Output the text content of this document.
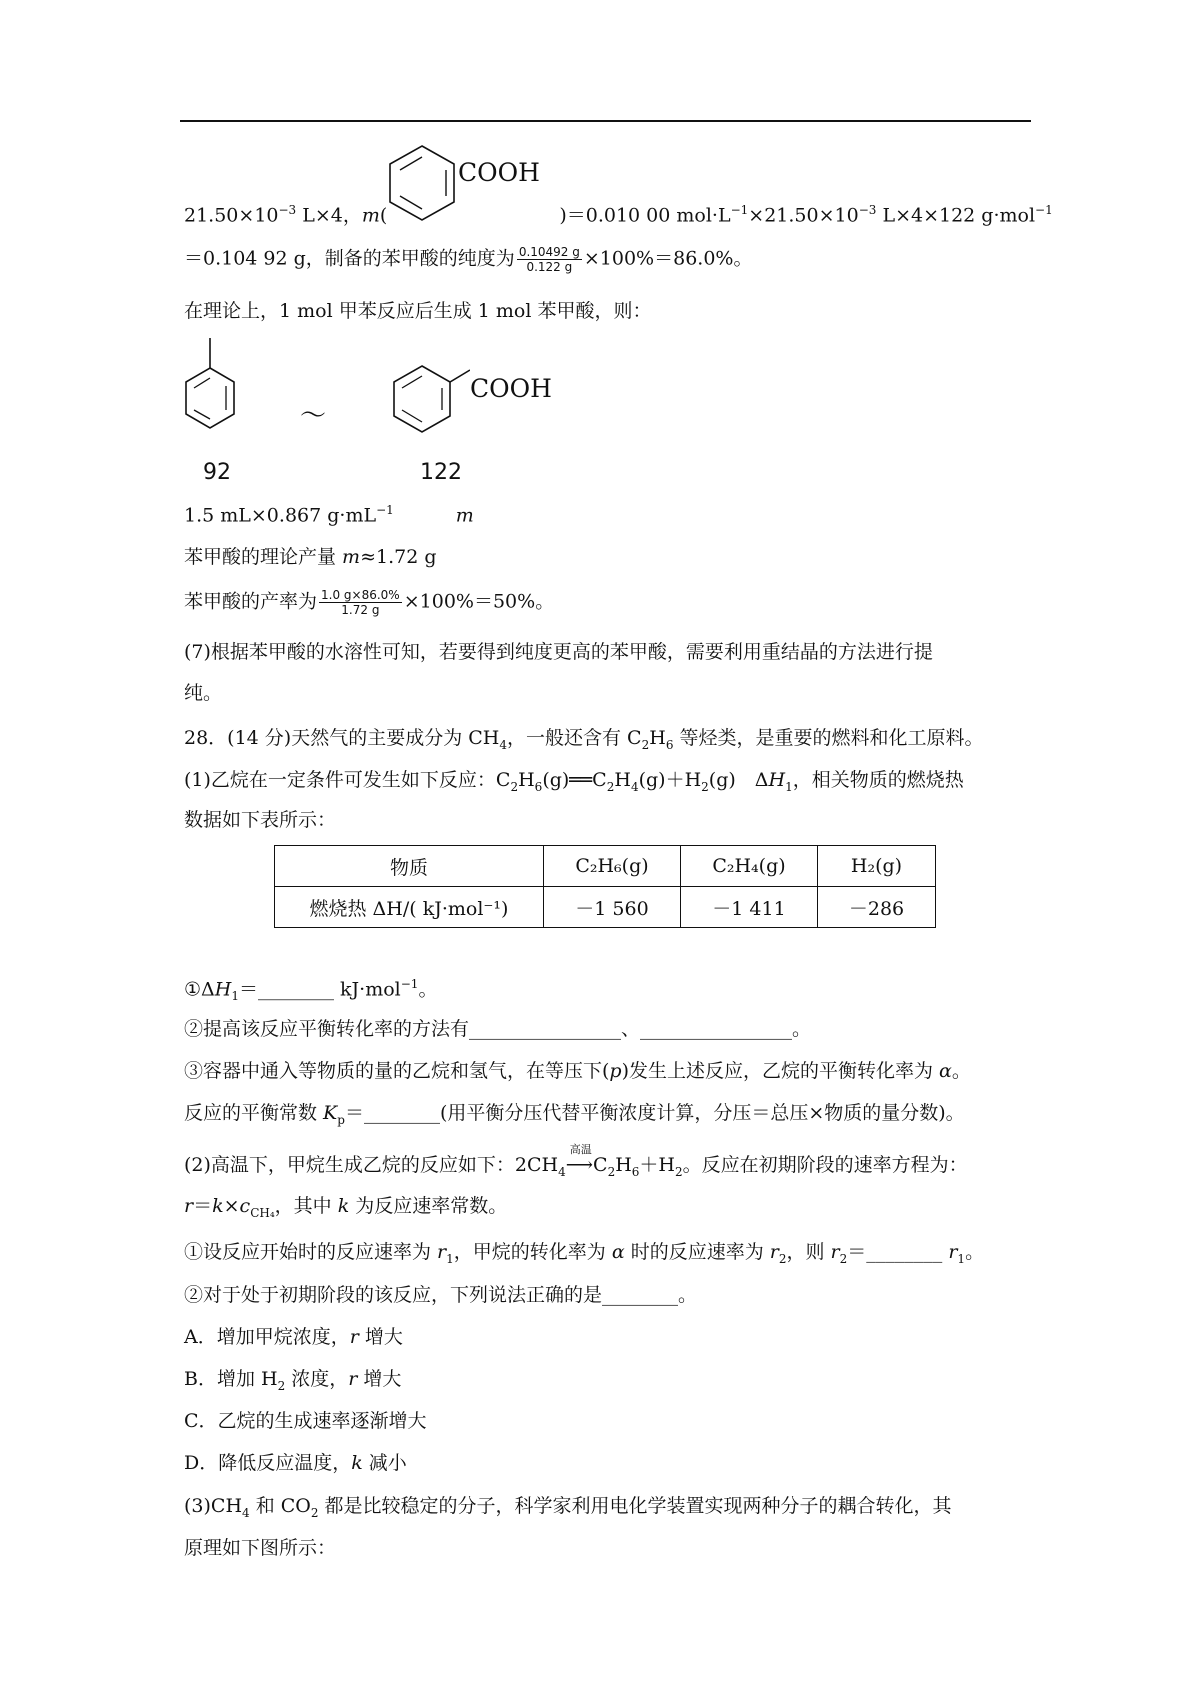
COOH
$21.50\times 10^{-3}$ L×4，m(	)＝0.010 00 $mol\cdot L^{-1}\times 21.50\times 10^{-3}$ L×4×122 g·mol$^{-1}$
＝0.104 92 g，制备的苯甲酸的纯度为 $\frac{0.10492 g}{0.122 g} \times 100\%=86.0\%$。
在理论上，1 mol 甲苯反应后生成 1 mol 苯甲酸，则：
～
COOH
92	122
1.5 mL×0.867 $g\cdot mL^{-1}$	m
苯甲酸的理论产量 m≈1.72 g
苯甲酸的产率为 $\frac{1.0 g\times 86.0\%}{1.72 g} \times 100\%=50\%$。
(7)根据苯甲酸的水溶性可知，若要得到纯度更高的苯甲酸，需要利用重结晶的方法进行提
纯。
28．(14 分)天然气的主要成分为 $CH_4$，一般还含有 $C_2H_6$ 等烃类，是重要的燃料和化工原料。
(1)乙烷在一定条件可发生如下反应：$C_2H_6(g)══C_2H_4(g)+H_2(g)$　$\Delta H_1$，相关物质的燃烧热
数据如下表所示：
物质	C₂H₆(g)	C₂H₄(g)	H₂(g)
燃烧热 ΔH/( kJ·mol⁻¹)	－1 560	－1 411	－286
$①\Delta H_1=\_\_\_\_\_\_\_\_$ kJ·mol$^{-1}$。
②提高该反应平衡转化率的方法有________________、________________。
③容器中通入等物质的量的乙烷和氢气，在等压下(p)发生上述反应，乙烷的平衡转化率为 α。
反应的平衡常数 $K_p=\_\_\_\_\_\_\_\_$(用平衡分压代替平衡浓度计算，分压＝总压×物质的量分数)。
(2)高温下，甲烷生成乙烷的反应如下：$2CH_4$
高温
$⟶C_2H_6+H_2$。反应在初期阶段的速率方程为：
$r=k\times c_{CH_4}$，其中 k 为反应速率常数。
①设反应开始时的反应速率为 $r_1$，甲烷的转化率为 α 时的反应速率为 $r_2$，则 $r_2=\_\_\_\_\_\_\_\_$ $r_1$。
②对于处于初期阶段的该反应，下列说法正确的是________。
A．增加甲烷浓度，r 增大
B．增加 $H_2$ 浓度，r 增大
C．乙烷的生成速率逐渐增大
D．降低反应温度，k 减小
$(3)CH_4$ 和 $CO_2$ 都是比较稳定的分子，科学家利用电化学装置实现两种分子的耦合转化，其
原理如下图所示：
